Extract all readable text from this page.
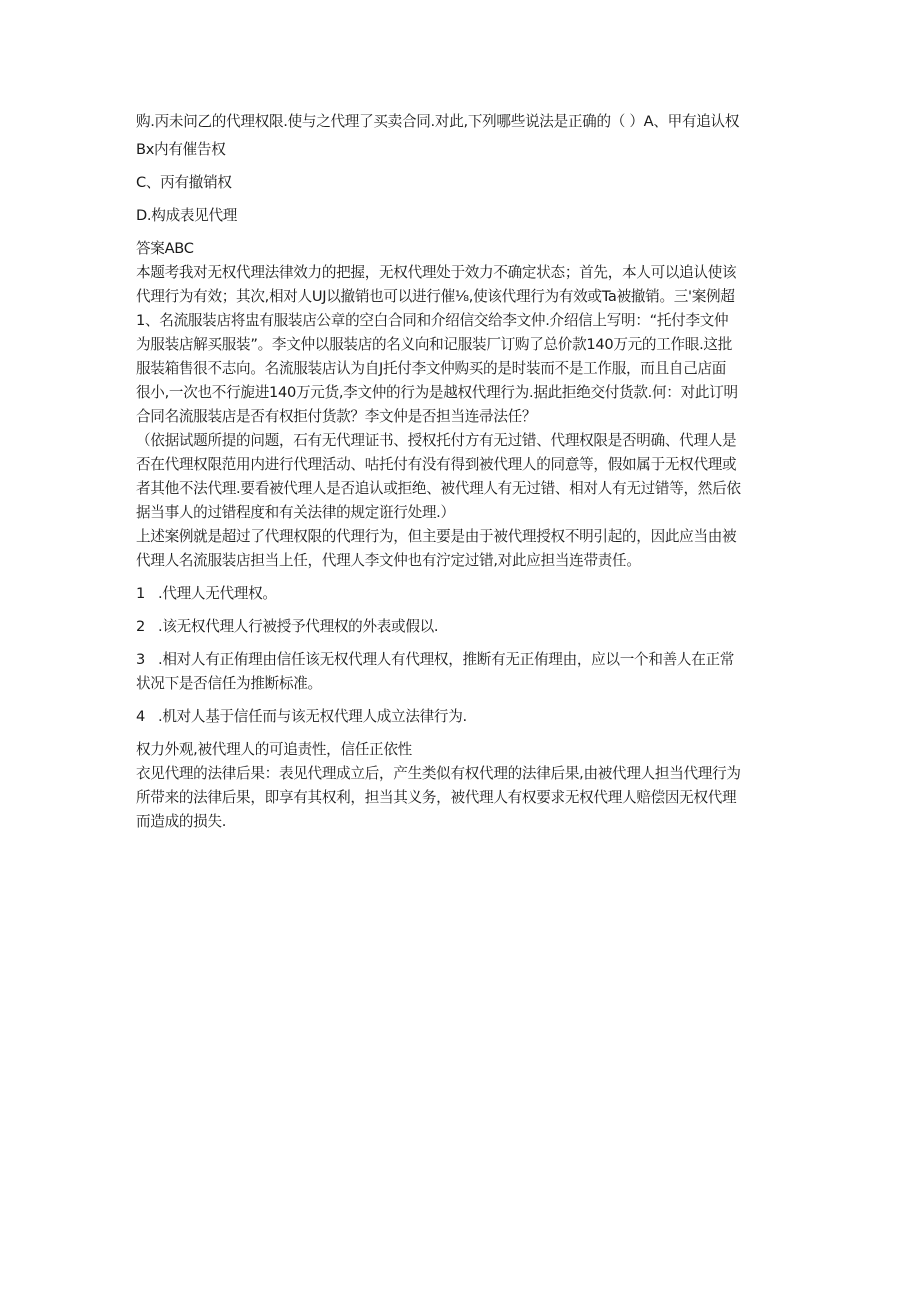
购.丙未问乙的代理权限.使与之代理了买卖合同.对此,下列哪些说法是正确的（ ）A、甲有追认权
Bx内有催告权
C、丙有撤销权
D.构成表见代理
答案ABC
本题考我对无权代理法律效力的把握，无权代理处于效力不确定状态；首先，本人可以追认使该
代理行为有效；其次,相对人UJ以撤销也可以进行催⅛,使该代理行为有效或Ta被撤销。三'案例超
1、名流服装店将盅有服装店公章的空白合同和介绍信交给李文仲.介绍信上写明：“托付李文仲
为服装店解买服装”。李文仲以服装店的名义向和记服装厂订购了总价款140万元的工作眼.这批
服装箱售很不志向。名流服装店认为自J托付李文仲购买的是时装而不是工作服，而且自己店面
很小,一次也不行旎进140万元货,李文仲的行为是越权代理行为.据此拒绝交付货款.何：对此订明
合同名流服装店是否有权拒付货款？李文仲是否担当连帚法任？
（依据试题所提的问题，石有无代理证书、授权托付方有无过错、代理权限是否明确、代理人是
否在代理权限范用内进行代理活动、咕托付有没有得到被代理人的同意等，假如属于无权代理或
者其他不法代理.要看被代理人是否追认或拒绝、被代理人有无过错、相对人有无过错等，然后依
据当事人的过错程度和有关法律的规定诳行处理.）
上述案例就是超过了代理权限的代理行为，但主要是由于被代理授权不明引起的，因此应当由被
代理人名流服装店担当上任，代理人李文仲也有泞定过错,对此应担当连带责任。
1 .代理人无代理权。
2 .该无权代理人行被授予代理权的外表或假以.
3 .相对人有正侑理由信任该无权代理人有代理权，推断有无正侑理由，应以一个和善人在正常
状况下是否信任为推断标准。
4 .机对人基于信任而与该无权代理人成立法律行为.
权力外观,被代理人的可追责性，信任正依性
衣见代理的法律后果：表见代理成立后，产生类似有权代理的法律后果,由被代理人担当代理行为
所带来的法律后果，即享有其权利，担当其义务，被代理人有权要求无权代理人赔偿因无权代理
而造成的损失.
